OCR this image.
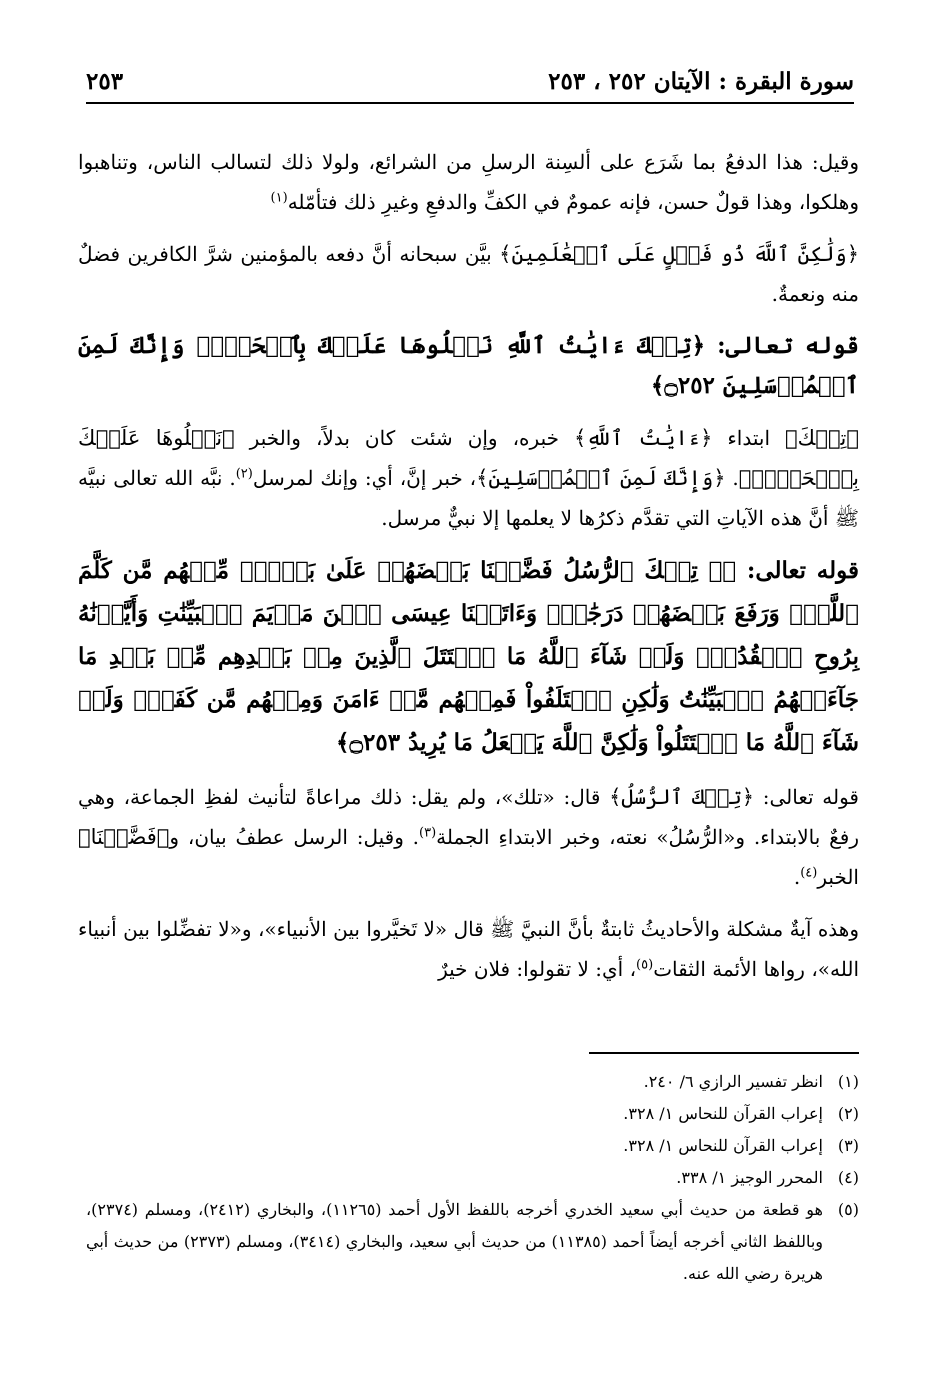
سورة البقرة : الآيتان ٢٥٢ ، ٢٥٣
٢٥٣

وقيل: هذا الدفعُ بما شَرَع على ألسِنة الرسلِ من الشرائع، ولولا ذلك لتسالب الناس، وتناهبوا وهلكوا، وهذا قولٌ حسن، فإنه عمومٌ في الكفِّ والدفعِ وغيرِ ذلك فتأمّله$^{(١)}$

﴿وَلَٰكِنَّ ٱللَّهَ ذُو فَضۡلٍ عَلَى ٱلۡعَٰلَمِينَ﴾ بيَّن سبحانه أنَّ دفعه بالمؤمنين شرَّ الكافرين فضلٌ منه ونعمةٌ.

قوله تعالى: ﴿تِلۡكَ ءَايَٰتُ ٱللَّهِ نَتۡلُوهَا عَلَيۡكَ بِٱلۡحَقِّۚ وَإِنَّكَ لَمِنَ ٱلۡمُرۡسَلِينَ ۝٢٥٢﴾

﴿تِلۡكَ﴾ ابتداء ﴿ءَايَٰتُ ٱللَّهِ﴾ خبره، وإن شئت كان بدلاً، والخبر ﴿نَتۡلُوهَا عَلَيۡكَ بِٱلۡحَقِّۚ﴾. ﴿وَإِنَّكَ لَمِنَ ٱلۡمُرۡسَلِينَ﴾، خبر إنَّ، أي: وإنك لمرسل$^{(٢)}$. نبَّه الله تعالى نبيَّه ﷺ أنَّ هذه الآياتِ التي تقدَّم ذكرُها لا يعلمها إلا نبيٌّ مرسل.

قوله تعالى: ﴿۞ تِلۡكَ ٱلرُّسُلُ فَضَّلۡنَا بَعۡضَهُمۡ عَلَىٰ بَعۡضٖۘ مِّنۡهُم مَّن كَلَّمَ ٱللَّهُۖ وَرَفَعَ بَعۡضَهُمۡ دَرَجَٰتٖۚ وَءَاتَيۡنَا عِيسَى ٱبۡنَ مَرۡيَمَ ٱلۡبَيِّنَٰتِ وَأَيَّدۡنَٰهُ بِرُوحِ ٱلۡقُدُسِۗ وَلَوۡ شَآءَ ٱللَّهُ مَا ٱقۡتَتَلَ ٱلَّذِينَ مِنۢ بَعۡدِهِم مِّنۢ بَعۡدِ مَا جَآءَتۡهُمُ ٱلۡبَيِّنَٰتُ وَلَٰكِنِ ٱخۡتَلَفُواْ فَمِنۡهُم مَّنۡ ءَامَنَ وَمِنۡهُم مَّن كَفَرَۚ وَلَوۡ شَآءَ ٱللَّهُ مَا ٱقۡتَتَلُواْ وَلَٰكِنَّ ٱللَّهَ يَفۡعَلُ مَا يُرِيدُ ۝٢٥٣﴾

قوله تعالى: ﴿تِلۡكَ ٱلرُّسُلُ﴾ قال: «تلك»، ولم يقل: ذلك مراعاةً لتأنيث لفظِ الجماعة، وهي رفعٌ بالابتداء. و«الرُّسُلُ» نعته، وخبر الابتداءِ الجملة$^{(٣)}$. وقيل: الرسل عطفُ بيان، و﴿فَضَّلۡنَا﴾ الخبر$^{(٤)}$.

وهذه آيةٌ مشكلة والأحاديثُ ثابتةٌ بأنَّ النبيَّ ﷺ قال «لا تَخيَّروا بين الأنبياء»، و«لا تفضِّلوا بين أنبياء الله»، رواها الأئمة الثقات$^{(٥)}$، أي: لا تقولوا: فلان خيرٌ

(١)
انظر تفسير الرازي ٦/ ٢٤٠.
(٢)
إعراب القرآن للنحاس ١/ ٣٢٨.
(٣)
إعراب القرآن للنحاس ١/ ٣٢٨.
(٤)
المحرر الوجيز ١/ ٣٣٨.
(٥)
هو قطعة من حديث أبي سعيد الخدري أخرجه باللفظ الأول أحمد (١١٢٦٥)، والبخاري (٢٤١٢)، ومسلم (٢٣٧٤)، وباللفظ الثاني أخرجه أيضاً أحمد (١١٣٨٥) من حديث أبي سعيد، والبخاري (٣٤١٤)، ومسلم (٢٣٧٣) من حديث أبي هريرة رضي الله عنه.
